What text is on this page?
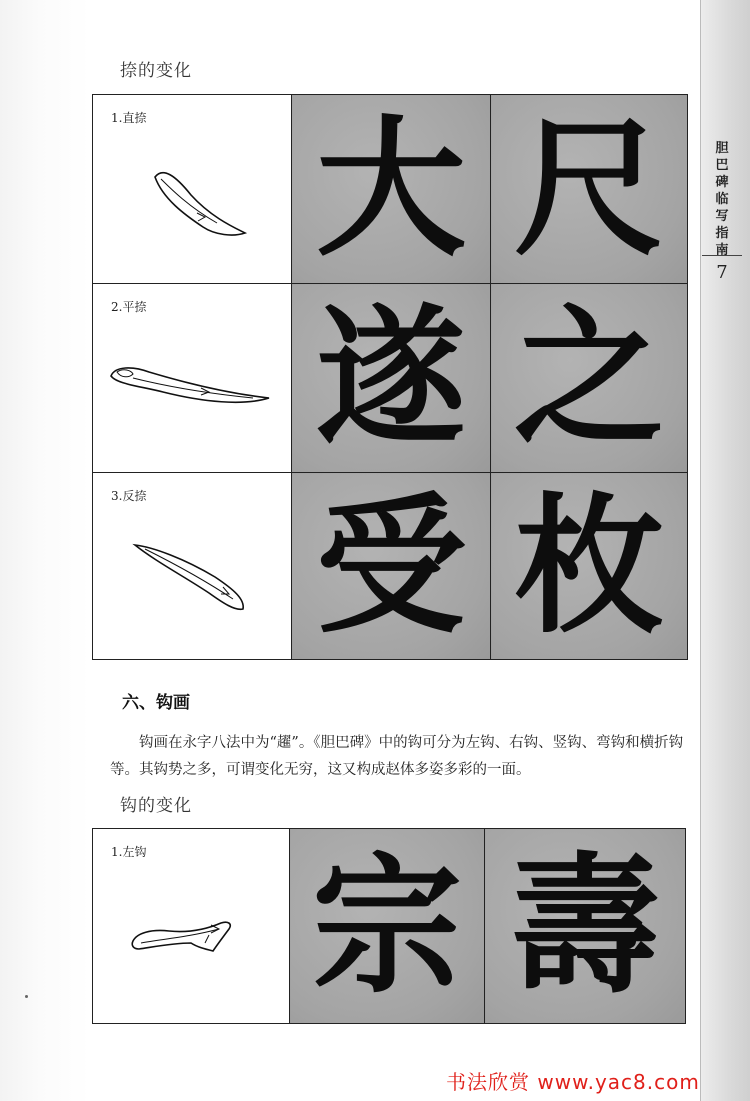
胆
巴
碑
临
写
指
南
7
捺的变化
1.直捺	大	尺

2.平捺	遂	之

3.反捺	受	枚
六、钩画
钩画在永字八法中为“趯”。《胆巴碑》中的钩可分为左钩、右钩、竖钩、弯钩和横折钩等。其钩势之多，可谓变化无穷，这又构成赵体多姿多彩的一面。
钩的变化
1.左钩	宗	壽
书法欣赏 www.yac8.com
